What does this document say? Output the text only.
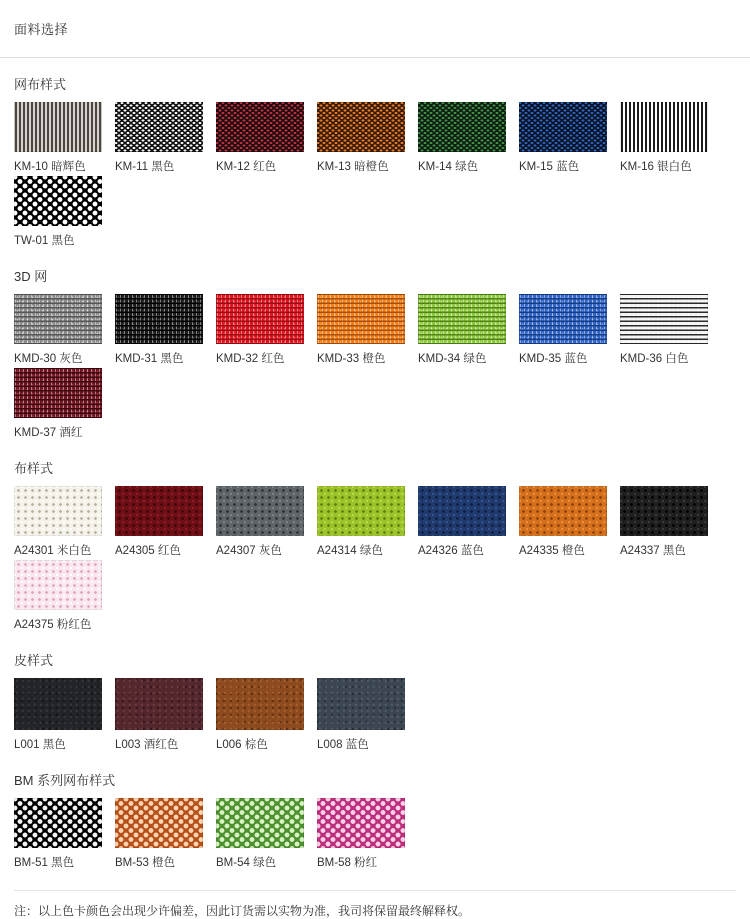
面料选择
网布样式
KM-10 暗辉色	KM-11 黑色	KM-12 红色	KM-13 暗橙色	KM-14 绿色	KM-15 蓝色	KM-16 银白色
TW-01 黑色
3D 网
KMD-30 灰色	KMD-31 黑色	KMD-32 红色	KMD-33 橙色	KMD-34 绿色	KMD-35 蓝色	KMD-36 白色
KMD-37 酒红
布样式
A24301 米白色	A24305 红色	A24307 灰色	A24314 绿色	A24326 蓝色	A24335 橙色	A24337 黑色
A24375 粉红色
皮样式
L001 黑色	L003 酒红色	L006 棕色	L008 蓝色
BM 系列网布样式
BM-51 黑色	BM-53 橙色	BM-54 绿色	BM-58 粉红
注：以上色卡颜色会出现少许偏差，因此订货需以实物为准，我司将保留最终解释权。
